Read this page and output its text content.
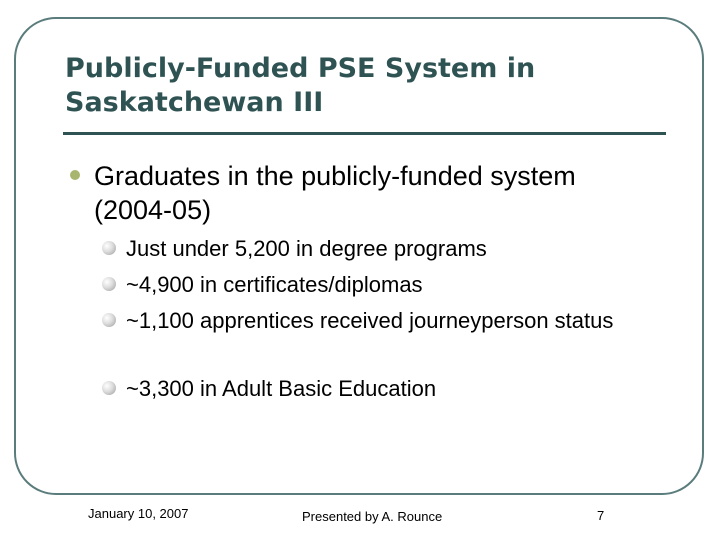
Publicly-Funded PSE System in
Saskatchewan III
Graduates in the publicly-funded system
(2004-05)
Just under 5,200 in degree programs
~4,900 in certificates/diplomas
~1,100 apprentices received journeyperson status
~3,300 in Adult Basic Education
January 10, 2007	Presented by A. Rounce	7
